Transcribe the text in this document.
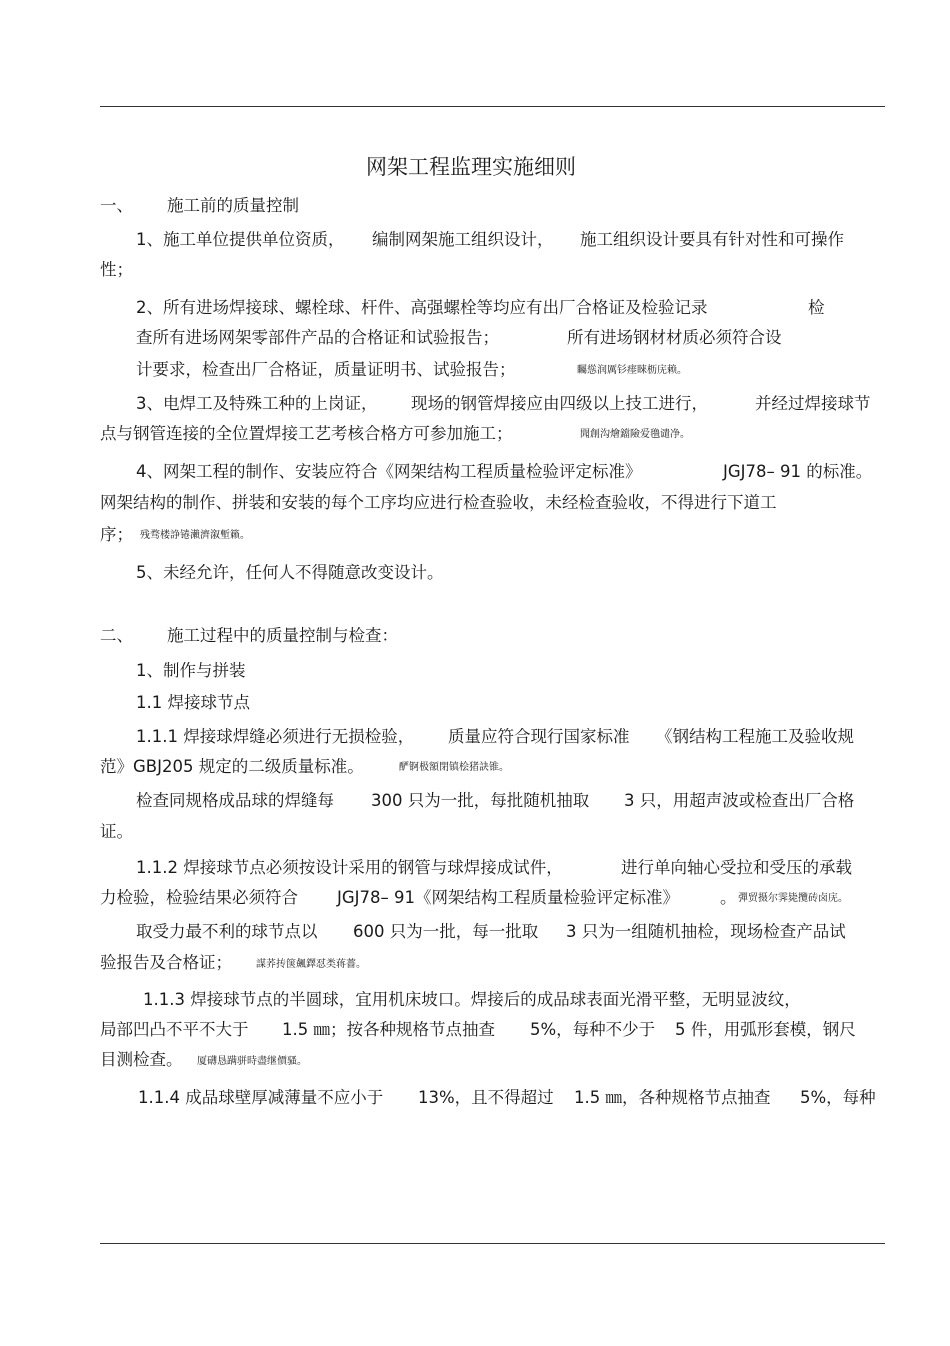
网架工程监理实施细则
一、 施工前的质量控制
1、施工单位提供单位资质， 编制网架施工组织设计， 施工组织设计要具有针对性和可操作
性；
2、所有进场焊接球、螺栓球、杆件、高强螺栓等均应有出厂合格证及检验记录	检
查所有进场网架零部件产品的合格证和试验报告；	所有进场钢材材质必须符合设
计要求，检查出厂合格证，质量证明书、试验报告；	矚慫润厲钐瘗睞枥庑赖。
3、电焊工及特殊工种的上岗证， 现场的钢管焊接应由四级以上技工进行，	并经过焊接球节
点与钢管连接的全位置焊接工艺考核合格方可参加施工；	聞創沟燴鐺險爱氇谴净。
4、网架工程的制作、安装应符合《网架结构工程质量检验评定标准》	JGJ78– 91 的标准。
网架结构的制作、拼装和安装的每个工序均应进行检查验收，未经检查验收，不得进行下道工
序； 残骛楼諍锩瀨濟溆塹籟。
5、未经允许，任何人不得随意改变设计。
二、 施工过程中的质量控制与检查：
1、制作与拼装
1.1 焊接球节点
1.1.1 焊接球焊缝必须进行无损检验， 质量应符合现行国家标准 《钢结构工程施工及验收规
范》GBJ205 规定的二级质量标准。	酽锕极額閉镇桧猪訣锥。
检查同规格成品球的焊缝每 300 只为一批，每批随机抽取 3 只，用超声波或检查出厂合格
证。
1.1.2 焊接球节点必须按设计采用的钢管与球焊接成试件，	进行单向轴心受拉和受压的承载
力检验，检验结果必须符合 JGJ78– 91《网架结构工程质量检验评定标准》 。 彈贸摄尔霁毙攬砖卤庑。
取受力最不利的球节点以 600 只为一批，每一批取 3 只为一组随机抽检，现场检查产品试
验报告及合格证； 謀荞抟箧飆鐸怼类蒋薔。
1.1.3 焊接球节点的半圆球，宜用机床坡口。焊接后的成品球表面光滑平整，无明显波纹，
局部凹凸不平不大于 1.5 ㎜；按各种规格节点抽查 5%，每种不少于 5 件，用弧形套模，钢尺
目测检查。 厦礴恳蹒骈時盡继價骚。
1.1.4 成品球壁厚减薄量不应小于 13%，且不得超过 1.5 ㎜，各种规格节点抽查 5%，每种
